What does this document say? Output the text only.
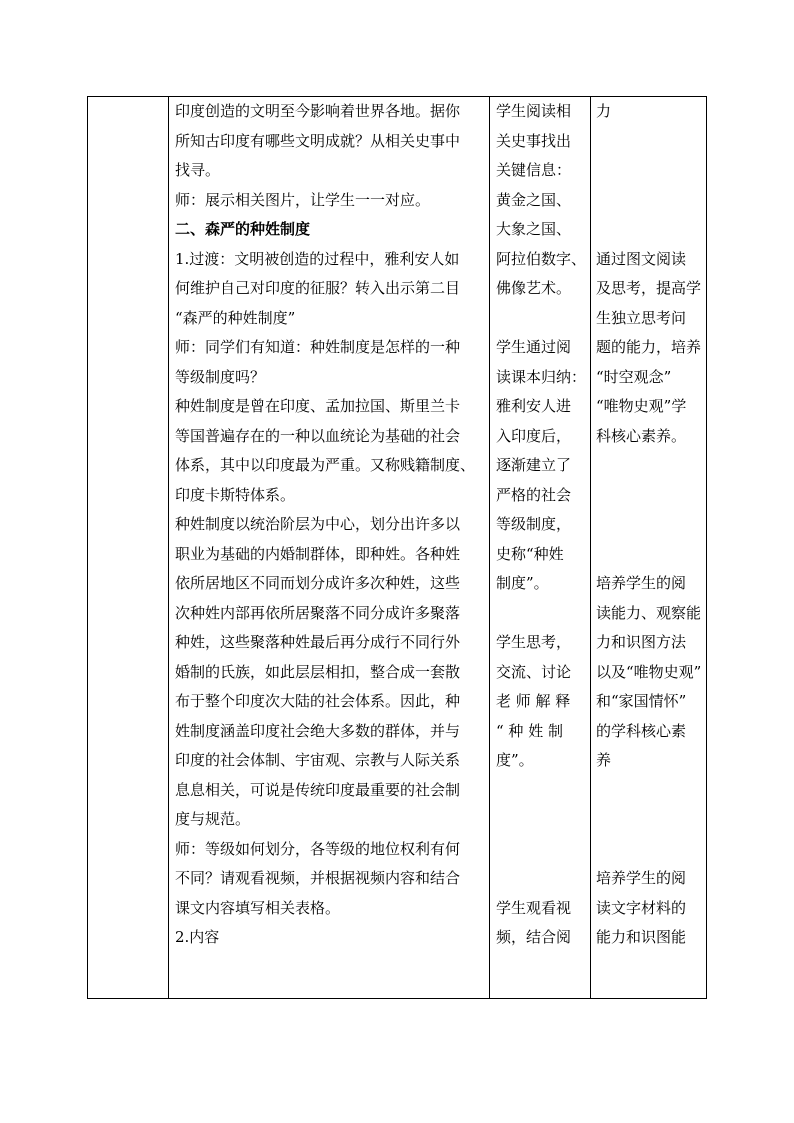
印度创造的文明至今影响着世界各地。据你
所知古印度有哪些文明成就？从相关史事中
找寻。
师：展示相关图片，让学生一一对应。
二、森严的种姓制度
1.过渡：文明被创造的过程中，雅利安人如
何维护自己对印度的征服？转入出示第二目
“森严的种姓制度”
师：同学们有知道：种姓制度是怎样的一种
等级制度吗？
种姓制度是曾在印度、孟加拉国、斯里兰卡
等国普遍存在的一种以血统论为基础的社会
体系，其中以印度最为严重。又称贱籍制度、
印度卡斯特体系。
种姓制度以统治阶层为中心，划分出许多以
职业为基础的内婚制群体，即种姓。各种姓
依所居地区不同而划分成许多次种姓，这些
次种姓内部再依所居聚落不同分成许多聚落
种姓，这些聚落种姓最后再分成行不同行外
婚制的氏族，如此层层相扣，整合成一套散
布于整个印度次大陆的社会体系。因此，种
姓制度涵盖印度社会绝大多数的群体，并与
印度的社会体制、宇宙观、宗教与人际关系
息息相关，可说是传统印度最重要的社会制
度与规范。
师：等级如何划分，各等级的地位权利有何
不同？请观看视频，并根据视频内容和结合
课文内容填写相关表格。
2.内容
学生阅读相
关史事找出
关键信息：
黄金之国、
大象之国、
阿拉伯数字、
佛像艺术。
学生通过阅
读课本归纳：
雅利安人进
入印度后，
逐渐建立了
严格的社会
等级制度，
史称“种姓
制度”。
学生思考，
交流、讨论
老 师 解 释
“ 种 姓 制
度”。
学生观看视
频，结合阅
力
通过图文阅读
及思考，提高学
生独立思考问
题的能力，培养
“时空观念”
“唯物史观”学
科核心素养。
培养学生的阅
读能力、观察能
力和识图方法
以及“唯物史观”
和“家国情怀”
的学科核心素
养
培养学生的阅
读文字材料的
能力和识图能
